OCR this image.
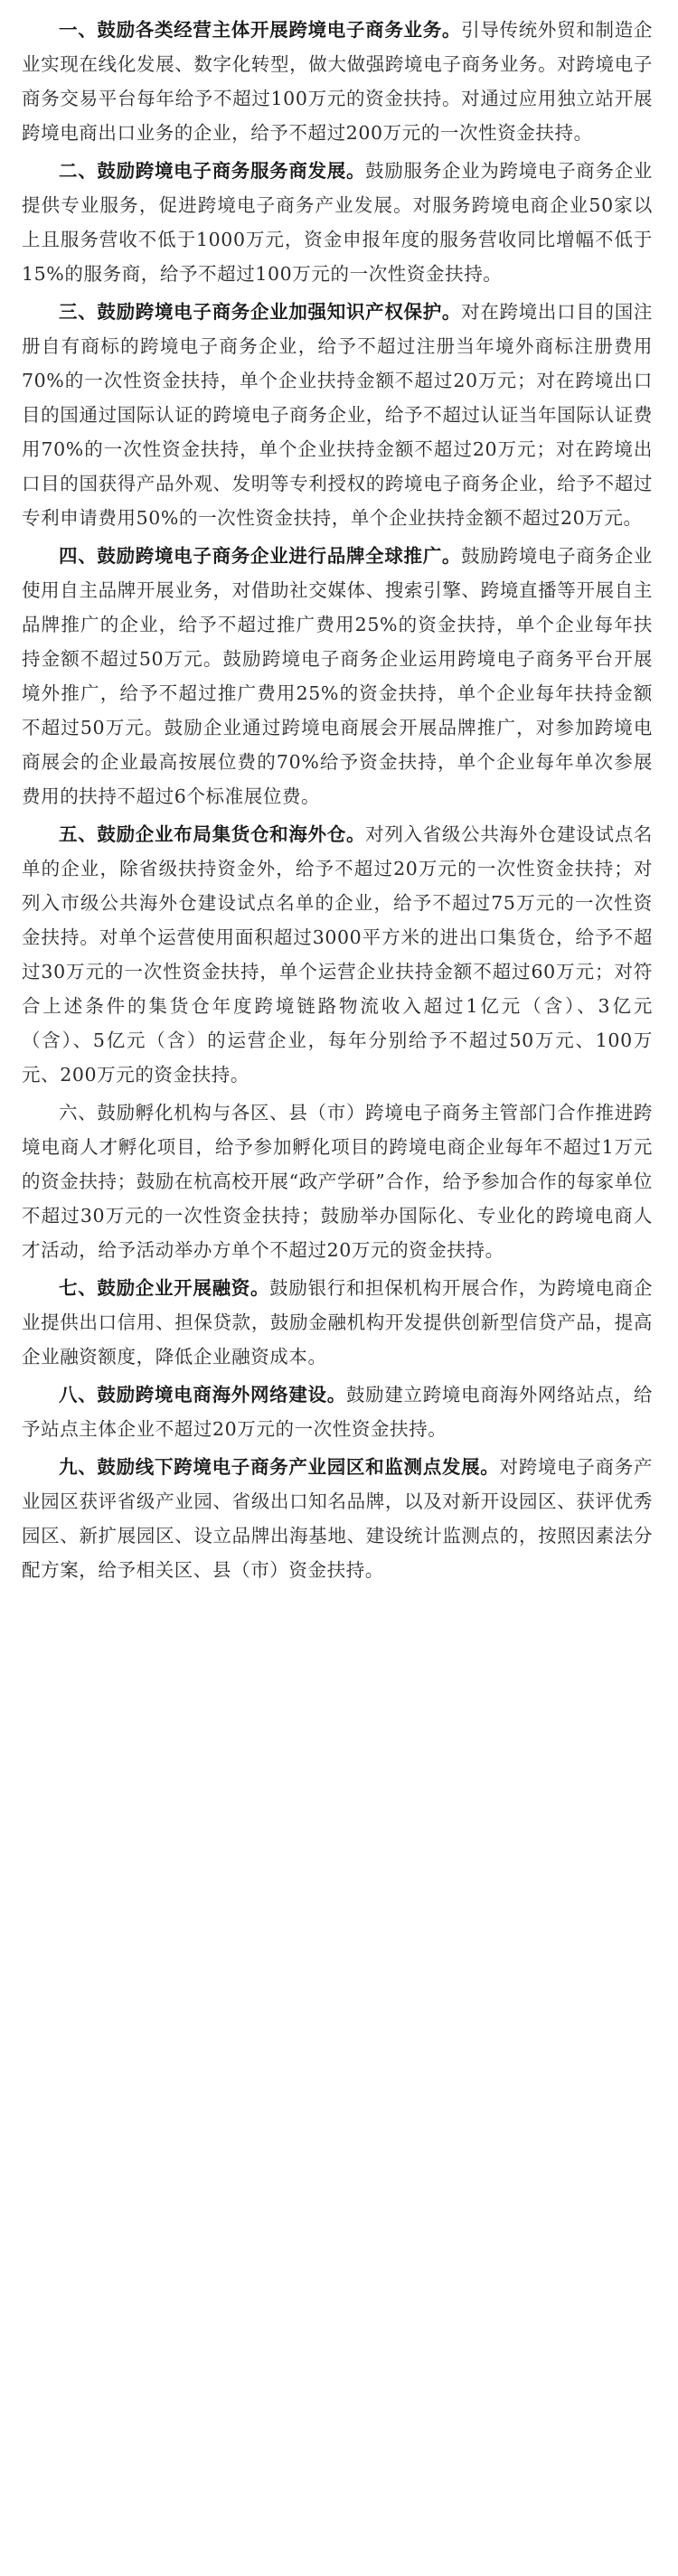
一、鼓励各类经营主体开展跨境电子商务业务。引导传统外贸和制造企业实现在线化发展、数字化转型，做大做强跨境电子商务业务。对跨境电子商务交易平台每年给予不超过100万元的资金扶持。对通过应用独立站开展跨境电商出口业务的企业，给予不超过200万元的一次性资金扶持。

二、鼓励跨境电子商务服务商发展。鼓励服务企业为跨境电子商务企业提供专业服务，促进跨境电子商务产业发展。对服务跨境电商企业50家以上且服务营收不低于1000万元，资金申报年度的服务营收同比增幅不低于15%的服务商，给予不超过100万元的一次性资金扶持。

三、鼓励跨境电子商务企业加强知识产权保护。对在跨境出口目的国注册自有商标的跨境电子商务企业，给予不超过注册当年境外商标注册费用70%的一次性资金扶持，单个企业扶持金额不超过20万元；对在跨境出口目的国通过国际认证的跨境电子商务企业，给予不超过认证当年国际认证费用70%的一次性资金扶持，单个企业扶持金额不超过20万元；对在跨境出口目的国获得产品外观、发明等专利授权的跨境电子商务企业，给予不超过专利申请费用50%的一次性资金扶持，单个企业扶持金额不超过20万元。

四、鼓励跨境电子商务企业进行品牌全球推广。鼓励跨境电子商务企业使用自主品牌开展业务，对借助社交媒体、搜索引擎、跨境直播等开展自主品牌推广的企业，给予不超过推广费用25%的资金扶持，单个企业每年扶持金额不超过50万元。鼓励跨境电子商务企业运用跨境电子商务平台开展境外推广，给予不超过推广费用25%的资金扶持，单个企业每年扶持金额不超过50万元。鼓励企业通过跨境电商展会开展品牌推广，对参加跨境电商展会的企业最高按展位费的70%给予资金扶持，单个企业每年单次参展费用的扶持不超过6个标准展位费。

五、鼓励企业布局集货仓和海外仓。对列入省级公共海外仓建设试点名单的企业，除省级扶持资金外，给予不超过20万元的一次性资金扶持；对列入市级公共海外仓建设试点名单的企业，给予不超过75万元的一次性资金扶持。对单个运营使用面积超过3000平方米的进出口集货仓，给予不超过30万元的一次性资金扶持，单个运营企业扶持金额不超过60万元；对符合上述条件的集货仓年度跨境链路物流收入超过1亿元（含）、3亿元（含）、5亿元（含）的运营企业，每年分别给予不超过50万元、100万元、200万元的资金扶持。

六、鼓励孵化机构与各区、县（市）跨境电子商务主管部门合作推进跨境电商人才孵化项目，给予参加孵化项目的跨境电商企业每年不超过1万元的资金扶持；鼓励在杭高校开展“政产学研”合作，给予参加合作的每家单位不超过30万元的一次性资金扶持；鼓励举办国际化、专业化的跨境电商人才活动，给予活动举办方单个不超过20万元的资金扶持。

七、鼓励企业开展融资。鼓励银行和担保机构开展合作，为跨境电商企业提供出口信用、担保贷款，鼓励金融机构开发提供创新型信贷产品，提高企业融资额度，降低企业融资成本。

八、鼓励跨境电商海外网络建设。鼓励建立跨境电商海外网络站点，给予站点主体企业不超过20万元的一次性资金扶持。

九、鼓励线下跨境电子商务产业园区和监测点发展。对跨境电子商务产业园区获评省级产业园、省级出口知名品牌，以及对新开设园区、获评优秀园区、新扩展园区、设立品牌出海基地、建设统计监测点的，按照因素法分配方案，给予相关区、县（市）资金扶持。
